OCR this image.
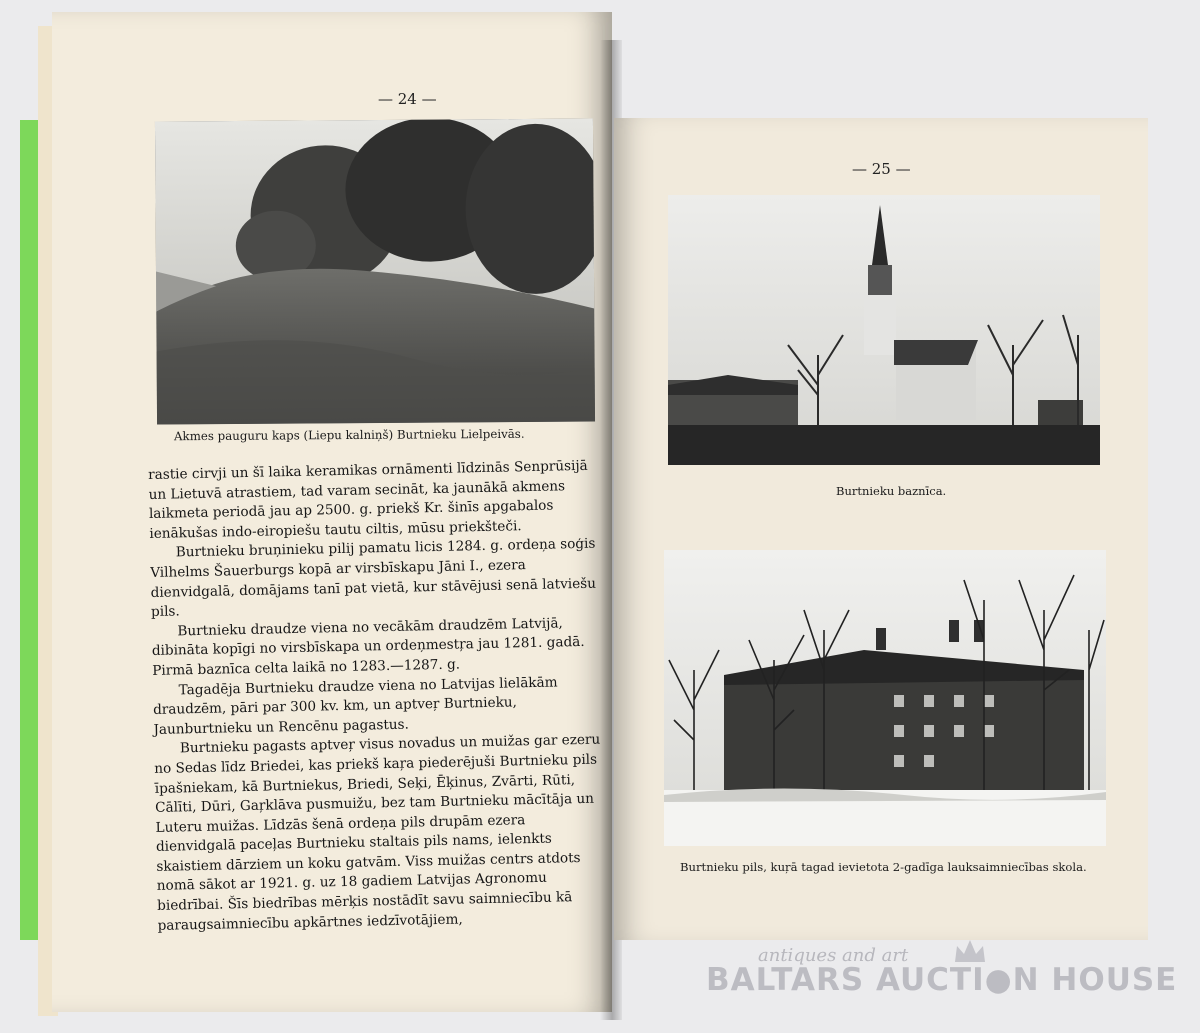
— 24 —
Akmes pauguru kaps (Liepu kalniņš) Burtnieku Lielpeivās.

rastie cirvji un šī laika keramikas ornāmenti līdzinās Senprūsijā un Lietuvā atrastiem, tad varam secināt, ka jaunākā akmens laikmeta periodā jau ap 2500. g. priekš Kr. šinīs apgabalos ienākušas indo-eiropiešu tautu ciltis, mūsu priekšteči.

Burtnieku bruņinieku pilij pamatu licis 1284. g. ordeņa soģis Vilhelms Šauerburgs kopā ar virsbīskapu Jāni I., ezera dienvidgalā, domājams tanī pat vietā, kur stāvējusi senā latviešu pils.

Burtnieku draudze viena no vecākām draudzēm Latvijā, dibināta kopīgi no virsbīskapa un ordeņmestŗa jau 1281. gadā. Pirmā baznīca celta laikā no 1283.—1287. g.

Tagadēja Burtnieku draudze viena no Latvijas lielākām draudzēm, pāri par 300 kv. km, un aptveŗ Burtnieku, Jaunburtnieku un Rencēnu pagastus.

Burtnieku pagasts aptveŗ visus novadus un muižas gar ezeru no Sedas līdz Briedei, kas priekš kaŗa piederējuši Burtnieku pils īpašniekam, kā Burtniekus, Briedi, Seķi, Ēķinus, Zvārti, Rūti, Cālīti, Dūri, Gaŗklāva pusmuižu, bez tam Burtnieku mācītāja un Luteru muižas. Līdzās šenā ordeņa pils drupām ezera dienvidgalā paceļas Burtnieku staltais pils nams, ielenkts skaistiem dārziem un koku gatvām. Viss muižas centrs atdots nomā sākot ar 1921. g. uz 18 gadiem Latvijas Agronomu biedrībai. Šīs biedrības mērķis nostādīt savu saimniecību kā paraugsaimniecību apkārtnes iedzīvotājiem,

— 25 —
Burtnieku baznīca.
Burtnieku pils, kuŗā tagad ievietota 2-gadīga lauksaimniecības skola.
antiques and art
BALTARS AUCTI●N HOUSE
